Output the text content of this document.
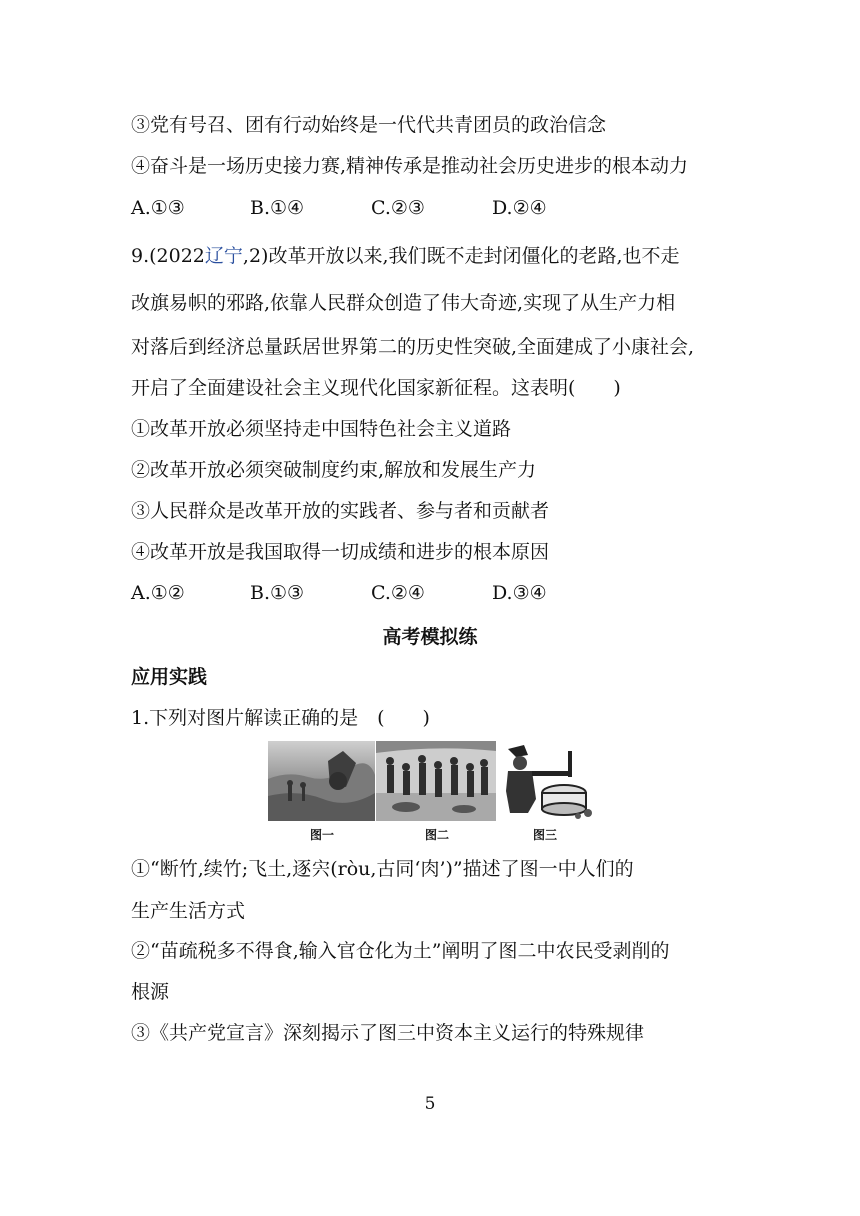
③党有号召、团有行动始终是一代代共青团员的政治信念
④奋斗是一场历史接力赛,精神传承是推动社会历史进步的根本动力
A.①③	B.①④	C.②③	D.②④
9.(2022辽宁,2)改革开放以来,我们既不走封闭僵化的老路,也不走
改旗易帜的邪路,依靠人民群众创造了伟大奇迹,实现了从生产力相
对落后到经济总量跃居世界第二的历史性突破,全面建成了小康社会,
开启了全面建设社会主义现代化国家新征程。这表明(　　)
①改革开放必须坚持走中国特色社会主义道路
②改革开放必须突破制度约束,解放和发展生产力
③人民群众是改革开放的实践者、参与者和贡献者
④改革开放是我国取得一切成绩和进步的根本原因
A.①②	B.①③	C.②④	D.③④
高考模拟练
应用实践
1.下列对图片解读正确的是　(　　)
图一	图二	图三
①“断竹,续竹;飞土,逐宍(ròu,古同‘肉’)”描述了图一中人们的
生产生活方式
②“苗疏税多不得食,输入官仓化为土”阐明了图二中农民受剥削的
根源
③《共产党宣言》深刻揭示了图三中资本主义运行的特殊规律
5
